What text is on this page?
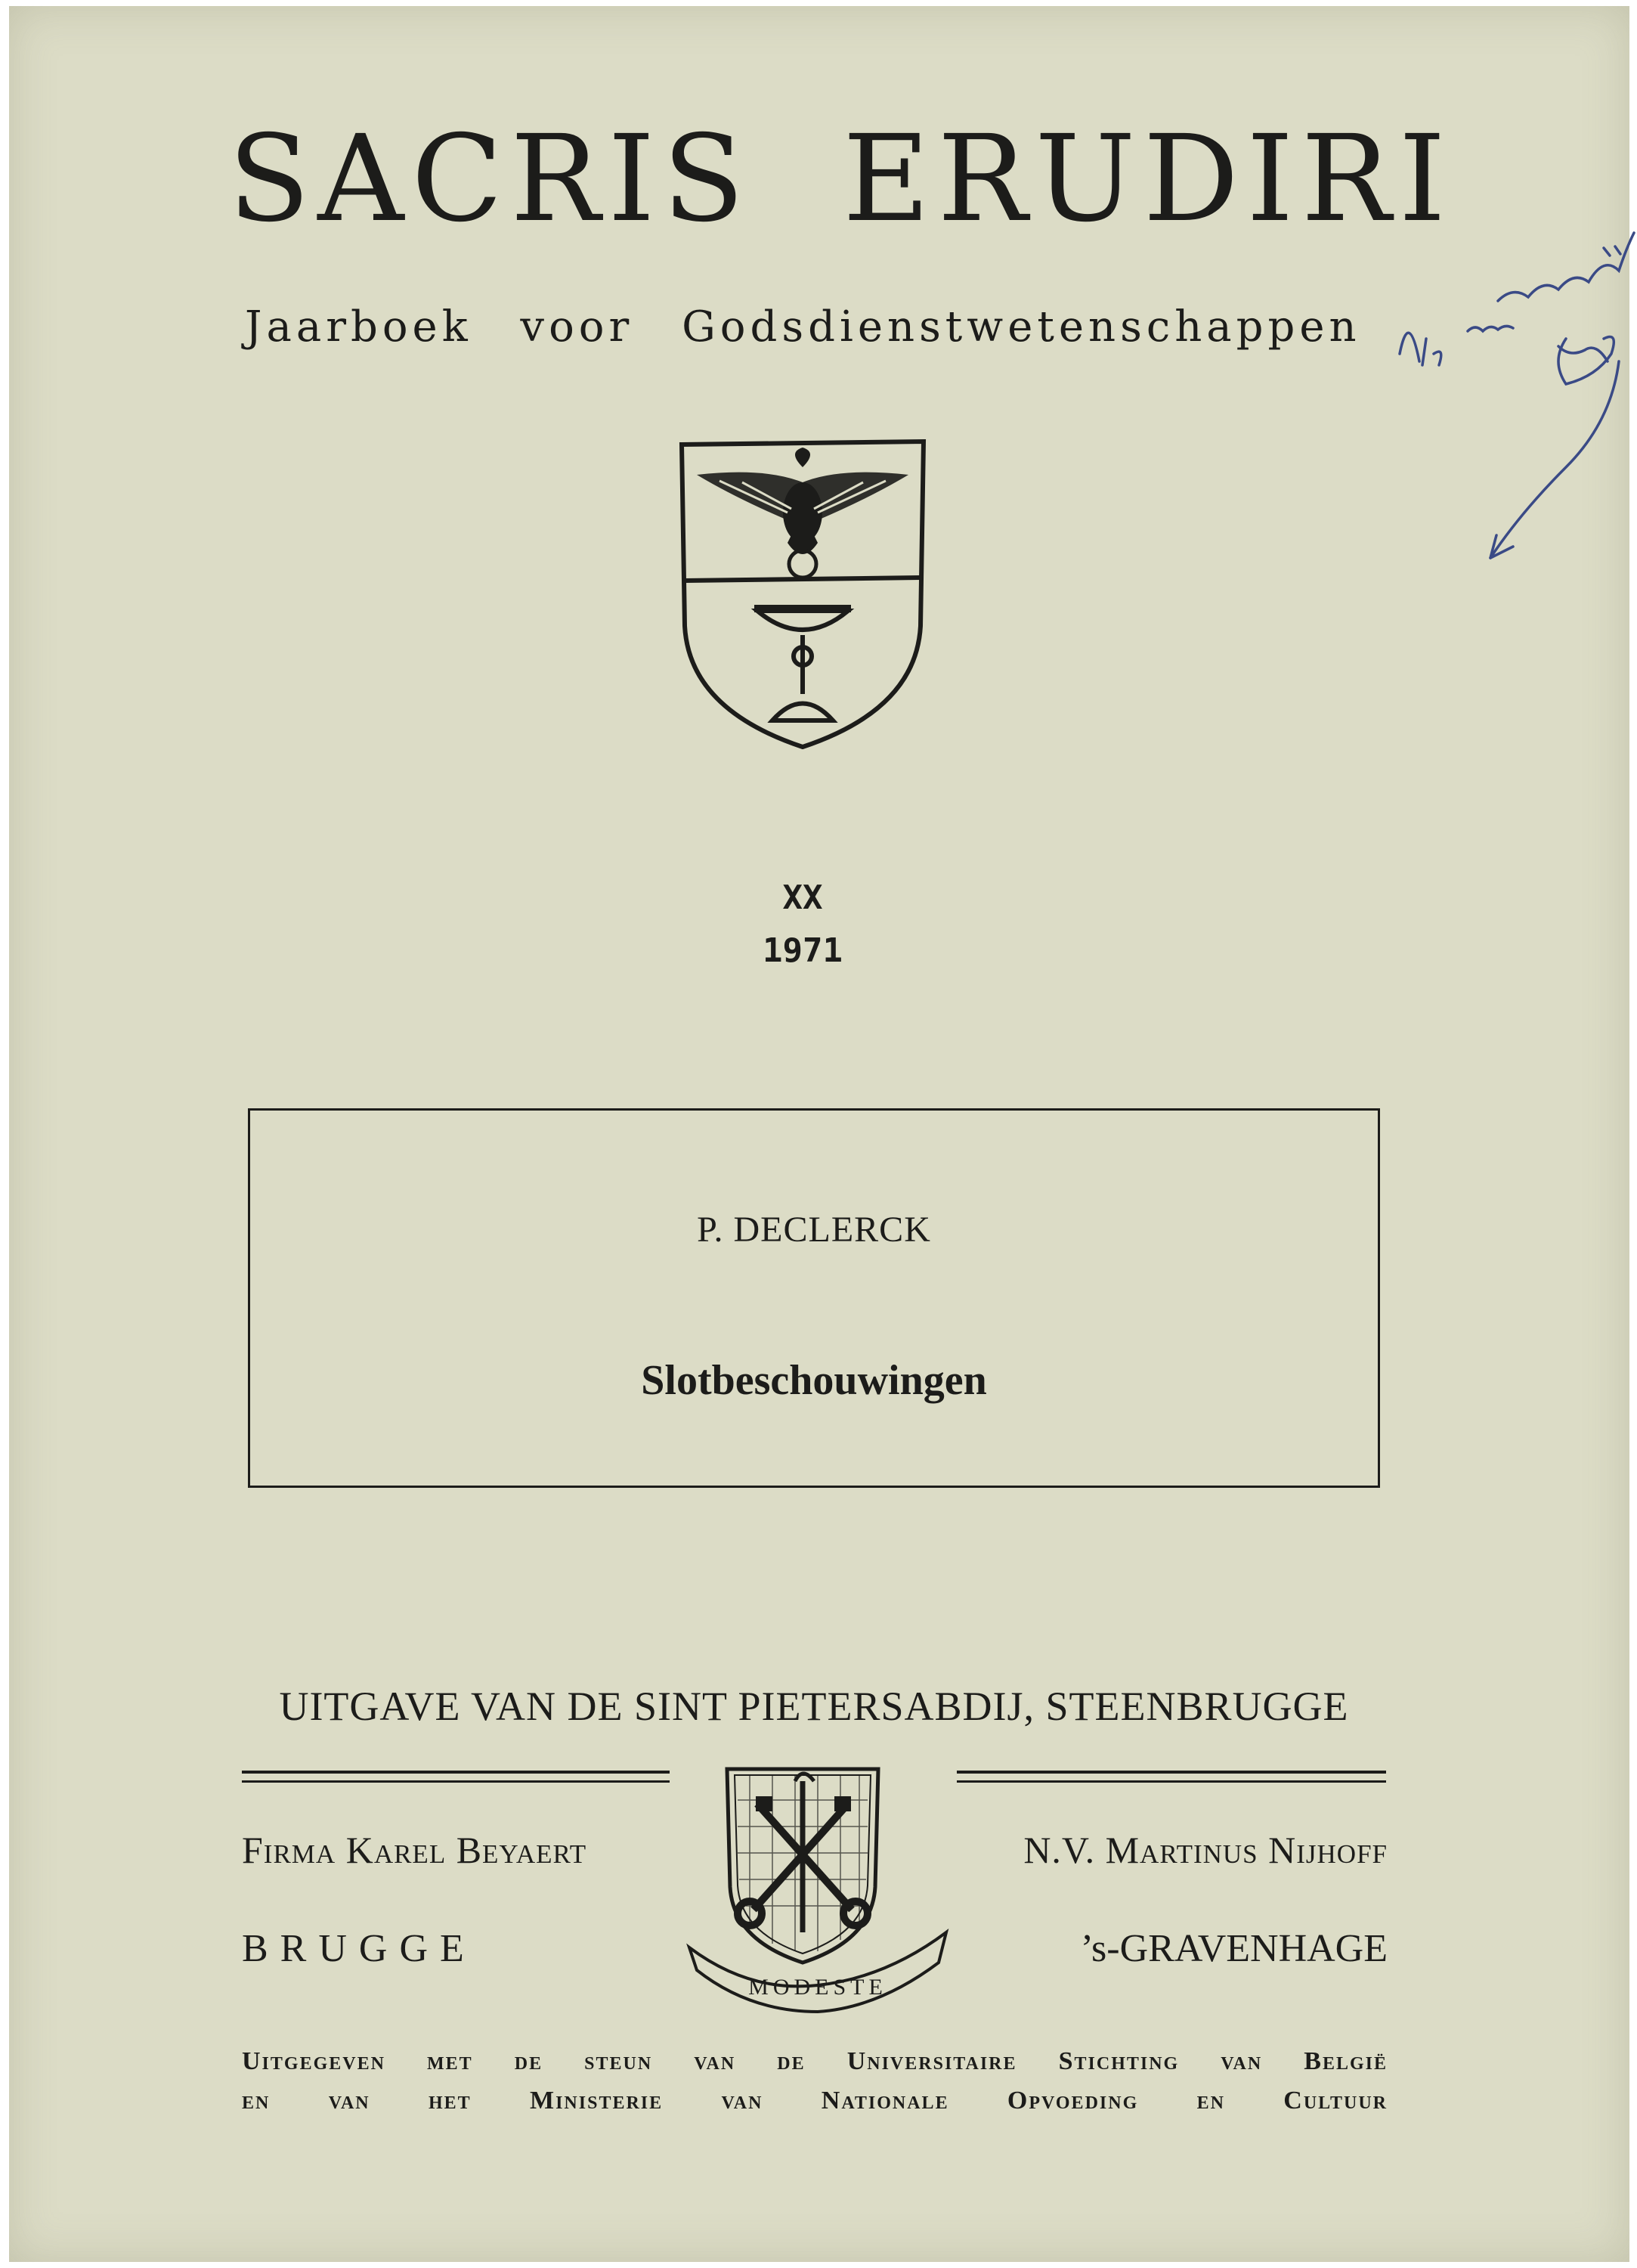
SACRIS ERUDIRI
Jaarboek voor Godsdienstwetenschappen
XX
1971
P. DECLERCK
Slotbeschouwingen
UITGAVE VAN DE SINT PIETERSABDIJ, STEENBRUGGE
Firma Karel Beyaert	N.V. Martinus Nijhoff
BRUGGE	’s-GRAVENHAGE
MODESTE
Uitgegeven met de steun van de Universitaire Stichting van België
en van het Ministerie van Nationale Opvoeding en Cultuur
